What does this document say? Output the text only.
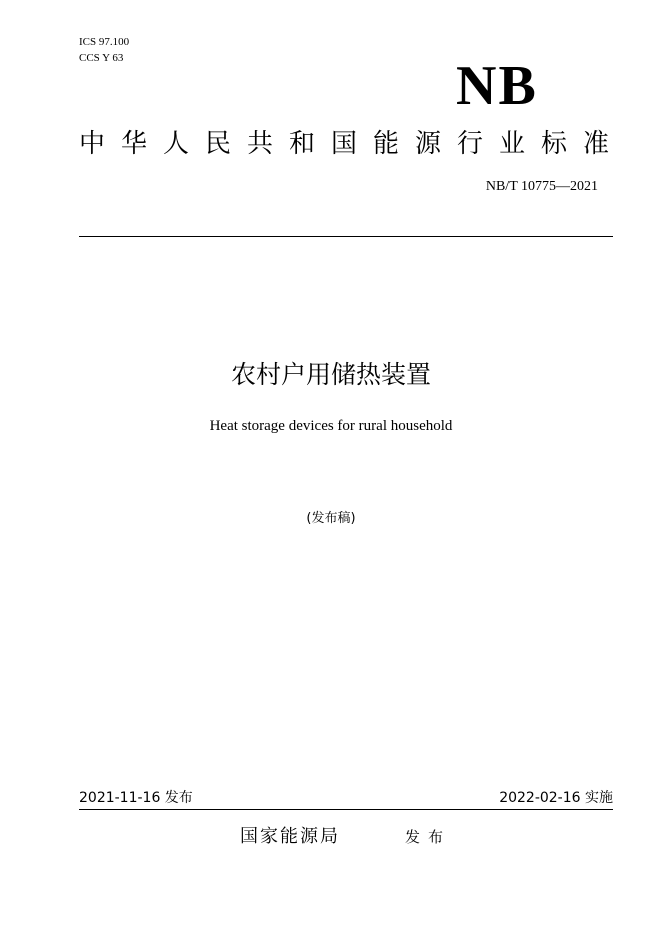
ICS 97.100
CCS Y 63	NB
中华人民共和国能源行业标准
NB/T 10775—2021
农村户用储热装置
Heat storage devices for rural household
(发布稿)
2021-11-16 发布	2022-02-16 实施
国家能源局	发布
